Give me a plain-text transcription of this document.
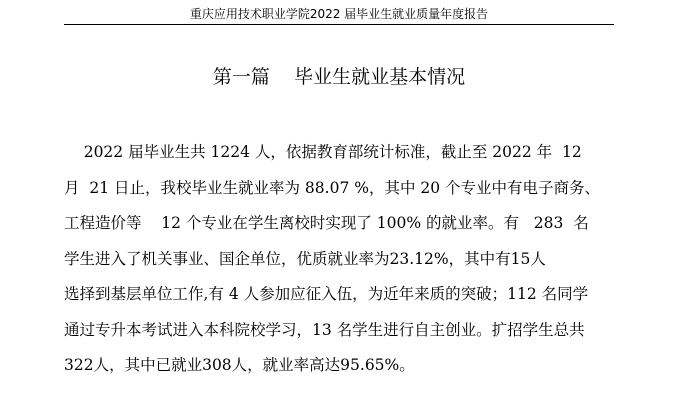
重庆应用技术职业学院2022 届毕业生就业质量年度报告
第一篇    毕业生就业基本情况
2022 届毕业生共 1224 人，依据教育部统计标准，截止至 2022 年  12
月  21 日止，我校毕业生就业率为 88.07 %，其中 20 个专业中有电子商务、
工程造价等    12 个专业在学生离校时实现了 100% 的就业率。有   283  名
学生进入了机关事业、国企单位，优质就业率为23.12%，其中有15人
选择到基层单位工作,有 4 人参加应征入伍，为近年来质的突破；112 名同学
通过专升本考试进入本科院校学习，13 名学生进行自主创业。扩招学生总共
322人，其中已就业308人，就业率高达95.65%。
